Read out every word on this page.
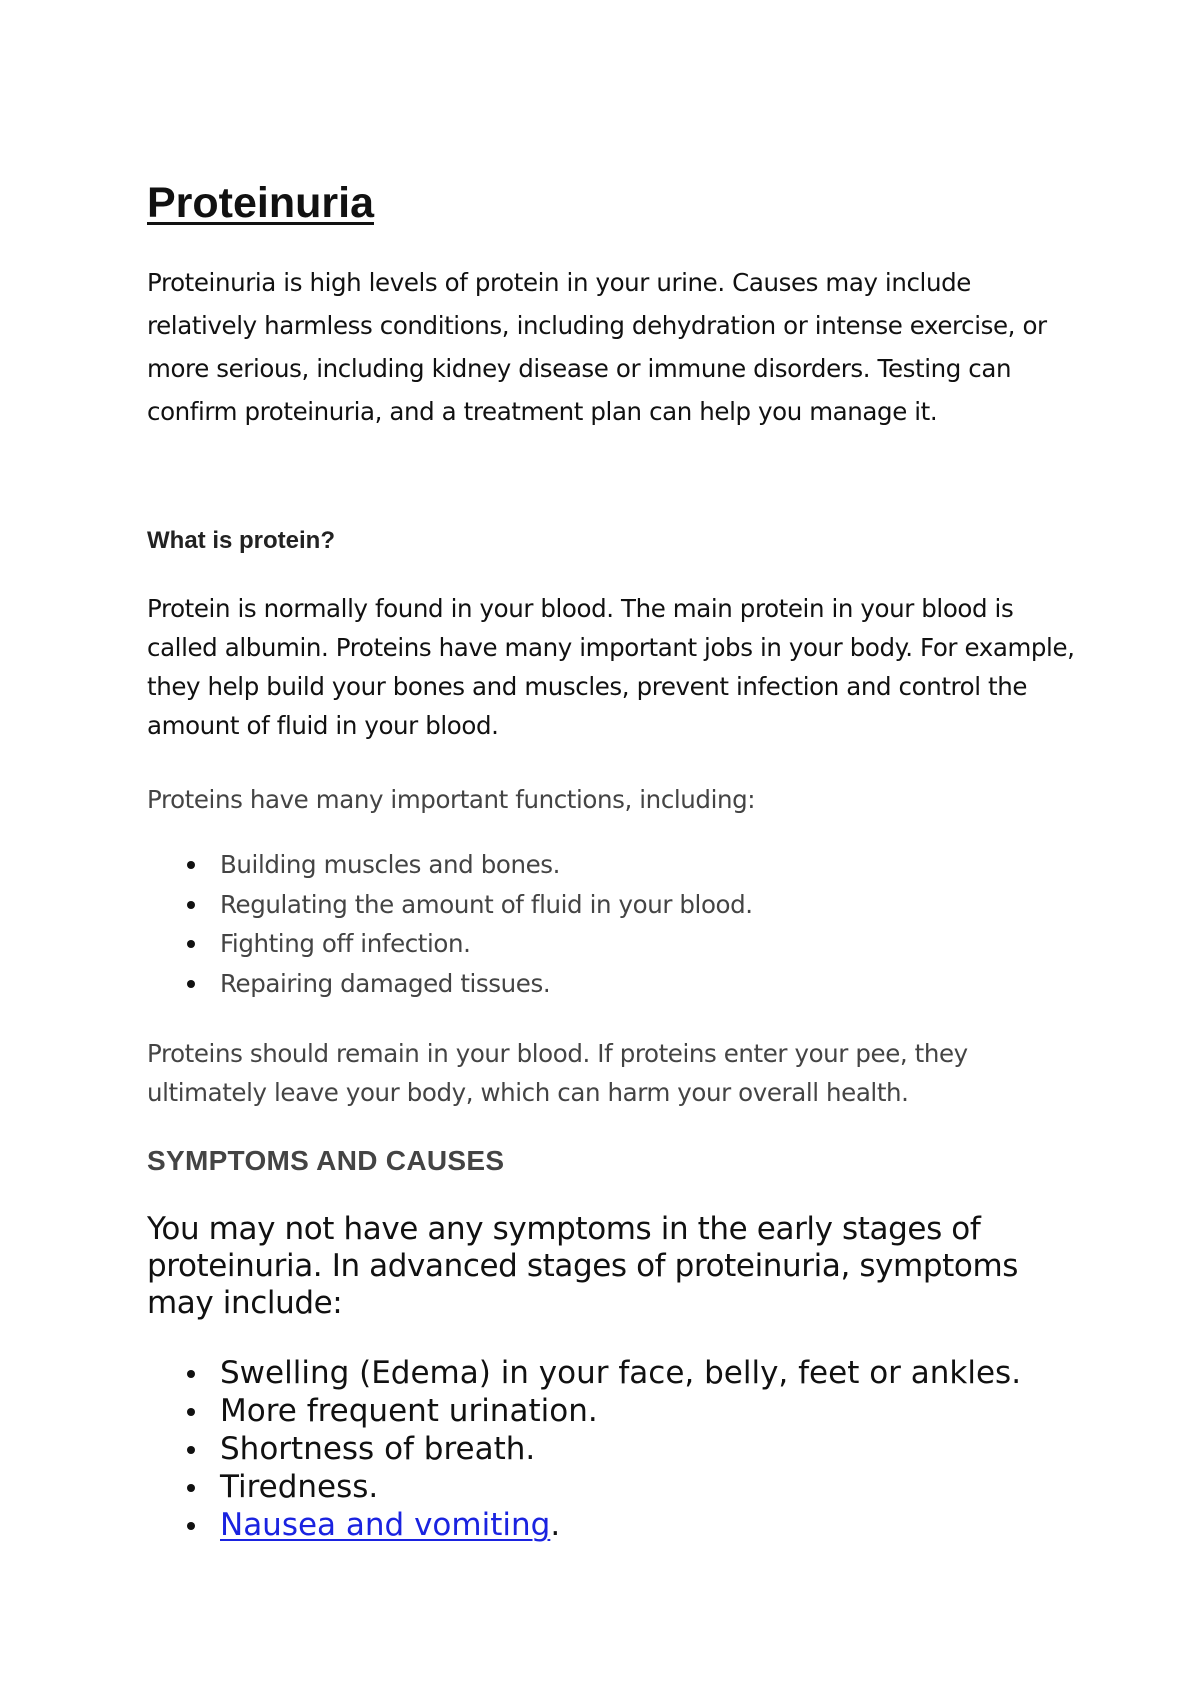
Proteinuria

Proteinuria is high levels of protein in your urine. Causes may include relatively harmless conditions, including dehydration or intense exercise, or more serious, including kidney disease or immune disorders. Testing can confirm proteinuria, and a treatment plan can help you manage it.

What is protein?

Protein is normally found in your blood. The main protein in your blood is called albumin. Proteins have many important jobs in your body. For example, they help build your bones and muscles, prevent infection and control the amount of fluid in your blood.

Proteins have many important functions, including:

Building muscles and bones.
Regulating the amount of fluid in your blood.
Fighting off infection.
Repairing damaged tissues.

Proteins should remain in your blood. If proteins enter your pee, they ultimately leave your body, which can harm your overall health.

SYMPTOMS AND CAUSES

You may not have any symptoms in the early stages of proteinuria. In advanced stages of proteinuria, symptoms may include:

Swelling (Edema) in your face, belly, feet or ankles.
More frequent urination.
Shortness of breath.
Tiredness.
Nausea and vomiting.
